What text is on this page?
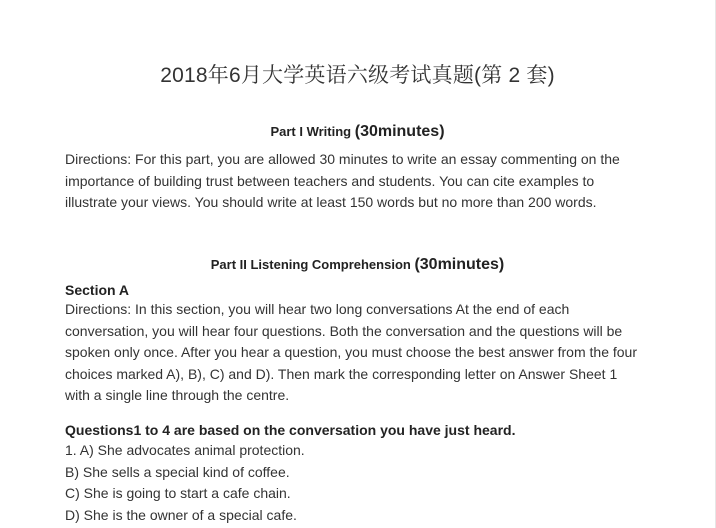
2018年6月大学英语六级考试真题(第 2 套)
Part I Writing (30minutes)
Directions: For this part, you are allowed 30 minutes to write an essay commenting on the importance of building trust between teachers and students. You can cite examples to illustrate your views. You should write at least 150 words but no more than 200 words.
Part II Listening Comprehension (30minutes)
Section A
Directions: In this section, you will hear two long conversations At the end of each conversation, you will hear four questions. Both the conversation and the questions will be spoken only once. After you hear a question, you must choose the best answer from the four choices marked A), B), C) and D). Then mark the corresponding letter on Answer Sheet 1 with a single line through the centre.
Questions1 to 4 are based on the conversation you have just heard.
1. A) She advocates animal protection.
B) She sells a special kind of coffee.
C) She is going to start a cafe chain.
D) She is the owner of a special cafe.
